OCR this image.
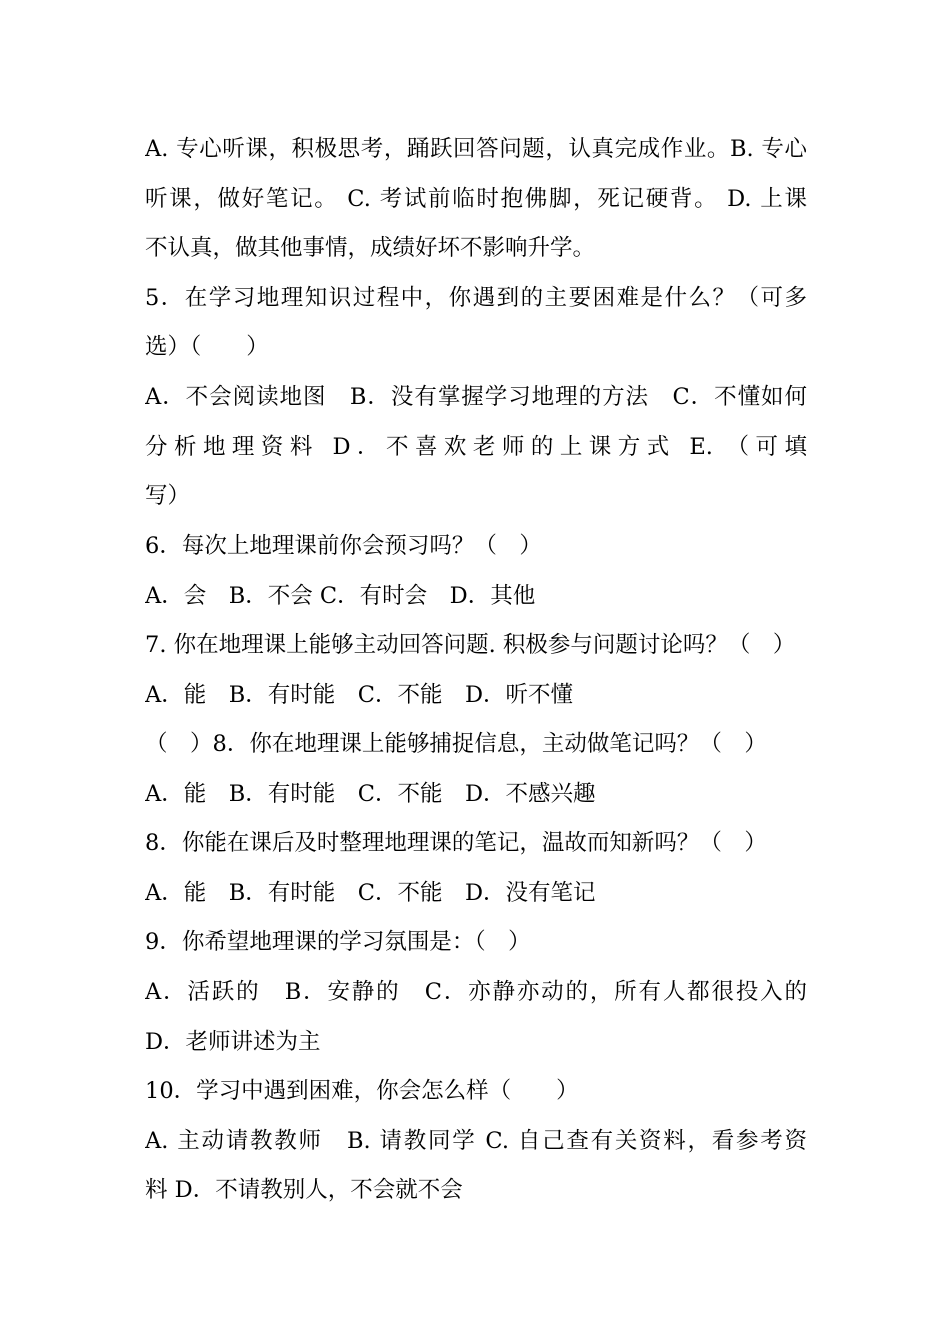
A. 专心听课，积极思考，踊跃回答问题，认真完成作业。B. 专心
听课，做好笔记。 C. 考试前临时抱佛脚，死记硬背。 D. 上课
不认真，做其他事情，成绩好坏不影响升学。
5．在学习地理知识过程中，你遇到的主要困难是什么？（可多
选）（　　）
A．不会阅读地图　B．没有掌握学习地理的方法　C．不懂如何
分析地理资料 D．不喜欢老师的上课方式 E. （可填
写）
6．每次上地理课前你会预习吗？（　）
A．会　B．不会 C．有时会　D．其他
7. 你在地理课上能够主动回答问题. 积极参与问题讨论吗？（　）
A．能　B．有时能　C．不能　D．听不懂
（　）8．你在地理课上能够捕捉信息，主动做笔记吗？（　）
A．能　B．有时能　C．不能　D．不感兴趣
8．你能在课后及时整理地理课的笔记，温故而知新吗？（　）
A．能　B．有时能　C．不能　D．没有笔记
9．你希望地理课的学习氛围是：（　）
A．活跃的　B．安静的　C．亦静亦动的，所有人都很投入的
D．老师讲述为主
10．学习中遇到困难，你会怎么样（　　）
A. 主动请教教师　B. 请教同学 C. 自己查有关资料，看参考资
料 D．不请教别人，不会就不会
